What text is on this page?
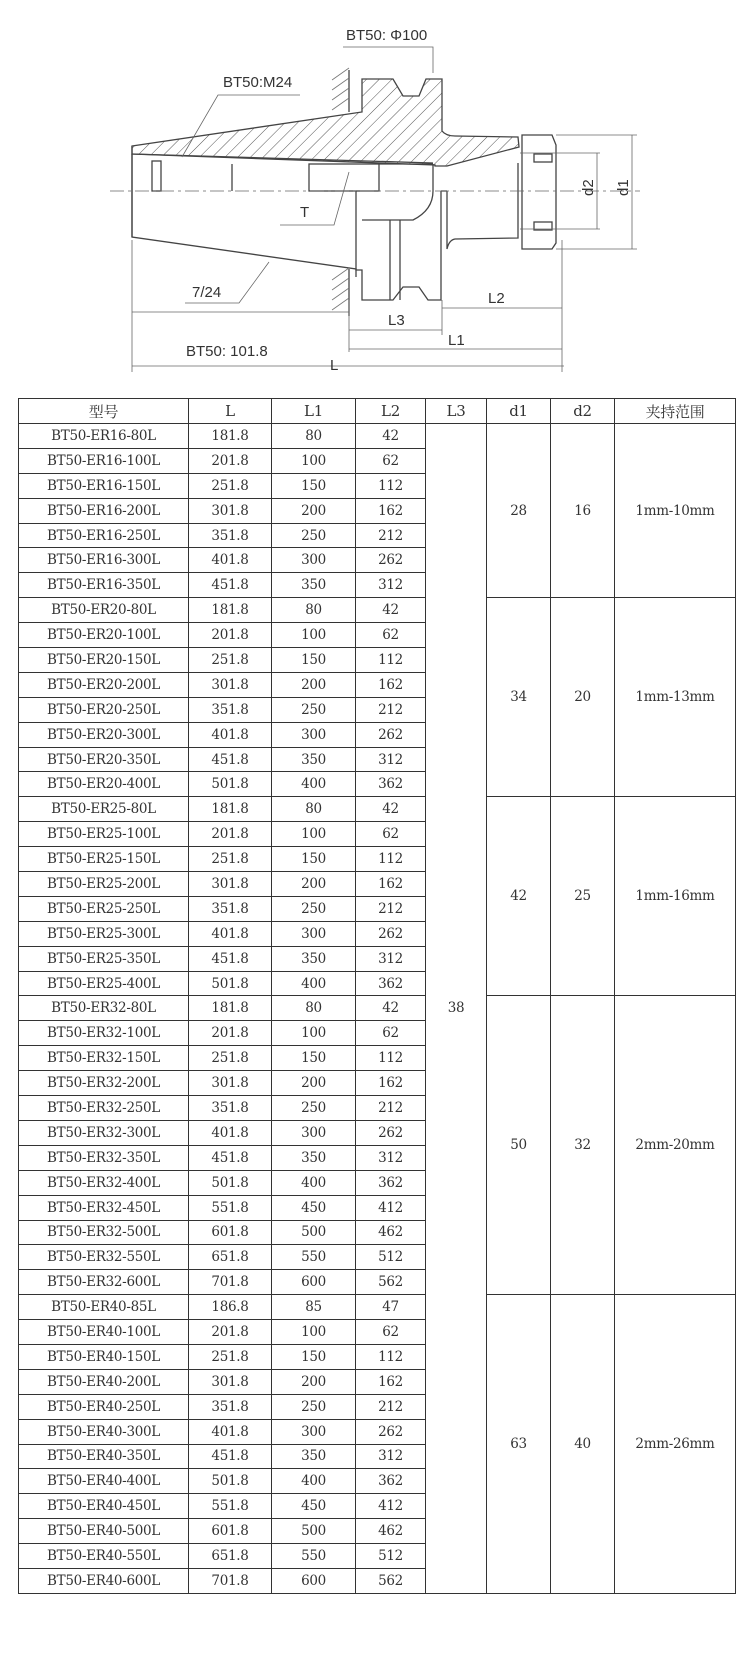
BT50: Φ100
BT50:M24
T
7/24
BT50: 101.8
L
L1
L2
L3
d2 d1
型号	L	L1	L2	L3	d1	d2	夹持范围
BT50-ER16-80L	181.8	80	42	38	28	16	1mm-10mm
BT50-ER16-100L	201.8	100	62				
BT50-ER16-150L	251.8	150	112				
BT50-ER16-200L	301.8	200	162				
BT50-ER16-250L	351.8	250	212				
BT50-ER16-300L	401.8	300	262				
BT50-ER16-350L	451.8	350	312				
BT50-ER20-80L	181.8	80	42		34	20	1mm-13mm
BT50-ER20-100L	201.8	100	62				
BT50-ER20-150L	251.8	150	112				
BT50-ER20-200L	301.8	200	162				
BT50-ER20-250L	351.8	250	212				
BT50-ER20-300L	401.8	300	262				
BT50-ER20-350L	451.8	350	312				
BT50-ER20-400L	501.8	400	362				
BT50-ER25-80L	181.8	80	42		42	25	1mm-16mm
BT50-ER25-100L	201.8	100	62				
BT50-ER25-150L	251.8	150	112				
BT50-ER25-200L	301.8	200	162				
BT50-ER25-250L	351.8	250	212				
BT50-ER25-300L	401.8	300	262				
BT50-ER25-350L	451.8	350	312				
BT50-ER25-400L	501.8	400	362				
BT50-ER32-80L	181.8	80	42		50	32	2mm-20mm
BT50-ER32-100L	201.8	100	62				
BT50-ER32-150L	251.8	150	112				
BT50-ER32-200L	301.8	200	162				
BT50-ER32-250L	351.8	250	212				
BT50-ER32-300L	401.8	300	262				
BT50-ER32-350L	451.8	350	312				
BT50-ER32-400L	501.8	400	362				
BT50-ER32-450L	551.8	450	412				
BT50-ER32-500L	601.8	500	462				
BT50-ER32-550L	651.8	550	512				
BT50-ER32-600L	701.8	600	562				
BT50-ER40-85L	186.8	85	47		63	40	2mm-26mm
BT50-ER40-100L	201.8	100	62				
BT50-ER40-150L	251.8	150	112				
BT50-ER40-200L	301.8	200	162				
BT50-ER40-250L	351.8	250	212				
BT50-ER40-300L	401.8	300	262				
BT50-ER40-350L	451.8	350	312				
BT50-ER40-400L	501.8	400	362				
BT50-ER40-450L	551.8	450	412				
BT50-ER40-500L	601.8	500	462				
BT50-ER40-550L	651.8	550	512				
BT50-ER40-600L	701.8	600	562				
